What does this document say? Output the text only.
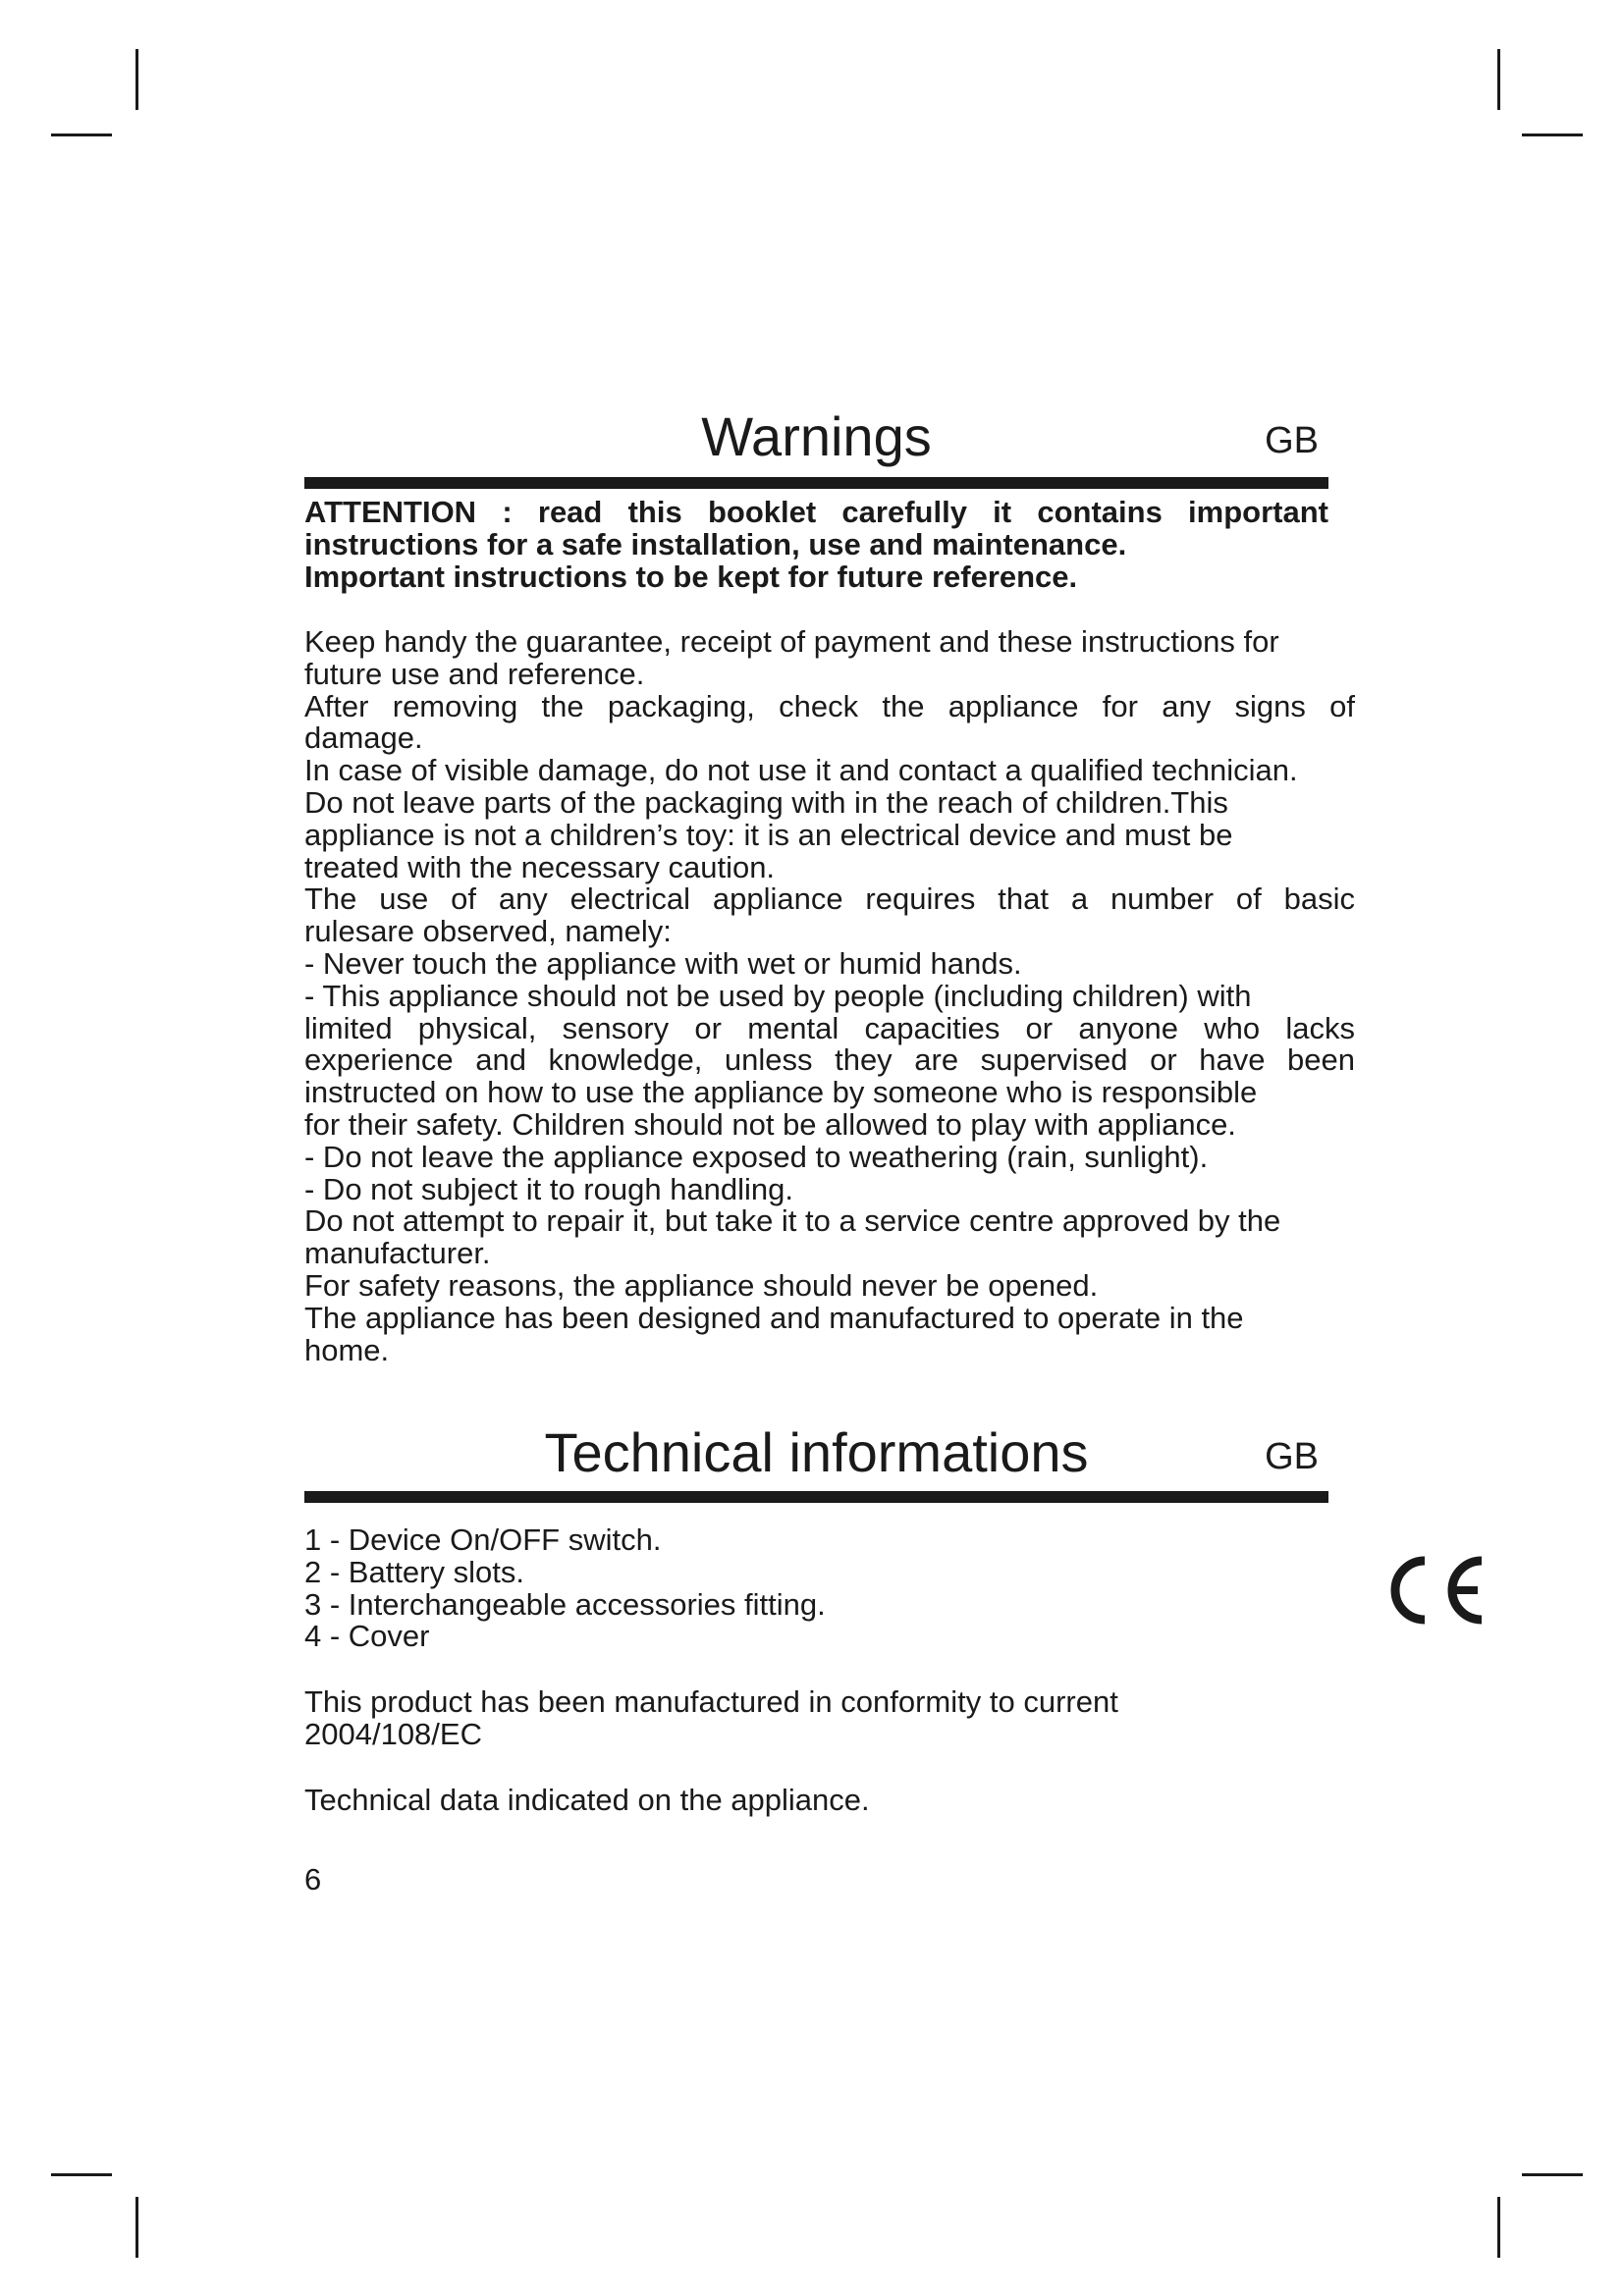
Warnings	GB
ATTENTION : read this booklet carefully it contains important
instructions for a safe installation, use and maintenance.
Important instructions to be kept for future reference.
Keep handy the guarantee, receipt of payment and these instructions for
future use and reference.
After removing the packaging, check the appliance for any signs of
damage.
In case of visible damage, do not use it and contact a qualified technician.
Do not leave parts of the packaging with in the reach of children.This
appliance is not a children’s toy: it is an electrical device and must be
treated with the necessary caution.
The use of any electrical appliance requires that a number of basic
rulesare observed, namely:
- Never touch the appliance with wet or humid hands.
- This appliance should not be used by people (including children) with
limited physical, sensory or mental capacities or anyone who lacks
experience and knowledge, unless they are supervised or have been
instructed on how to use the appliance by someone who is responsible
for their safety. Children should not be allowed to play with appliance.
- Do not leave the appliance exposed to weathering (rain, sunlight).
- Do not subject it to rough handling.
Do not attempt to repair it, but take it to a service centre approved by the
manufacturer.
For safety reasons, the appliance should never be opened.
The appliance has been designed and manufactured to operate in the
home.
Technical informations	GB
1 - Device On/OFF switch.
2 - Battery slots.
3 - Interchangeable accessories fitting.
4 - Cover
This product has been manufactured in conformity to current
2004/108/EC
Technical data indicated on the appliance.
6
